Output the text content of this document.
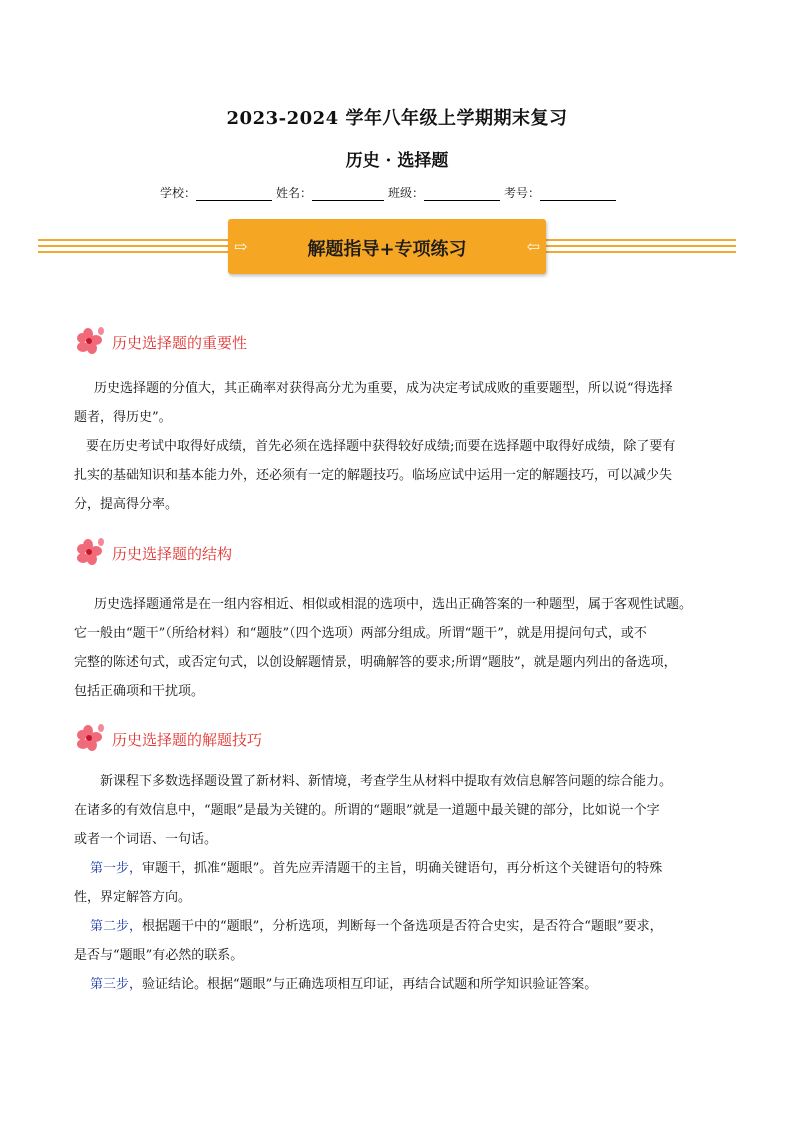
2023-2024 学年八年级上学期期末复习
历史 · 选择题
学校：	姓名：	班级：	考号：
⇨	解题指导+专项练习	⇦
历史选择题的重要性
历史选择题的分值大，其正确率对获得高分尤为重要，成为决定考试成败的重要题型，所以说“得选择
题者，得历史”。
要在历史考试中取得好成绩，首先必须在选择题中获得较好成绩;而要在选择题中取得好成绩，除了要有
扎实的基础知识和基本能力外，还必须有一定的解题技巧。临场应试中运用一定的解题技巧，可以减少失
分，提高得分率。
历史选择题的结构
历史选择题通常是在一组内容相近、相似或相混的选项中，选出正确答案的一种题型，属于客观性试题。
它一般由“题干”（所给材料）和“题肢”（四个选项）两部分组成。所谓“题干”，就是用提问句式，或不
完整的陈述句式，或否定句式，以创设解题情景，明确解答的要求;所谓“题肢”，就是题内列出的备选项，
包括正确项和干扰项。
历史选择题的解题技巧
新课程下多数选择题设置了新材料、新情境，考查学生从材料中提取有效信息解答问题的综合能力。
在诸多的有效信息中，“题眼”是最为关键的。所谓的“题眼”就是一道题中最关键的部分，比如说一个字
或者一个词语、一句话。
第一步，审题干，抓准“题眼”。首先应弄清题干的主旨，明确关键语句，再分析这个关键语句的特殊
性，界定解答方向。
第二步，根据题干中的“题眼”，分析选项，判断每一个备选项是否符合史实，是否符合“题眼”要求，
是否与“题眼”有必然的联系。
第三步，验证结论。根据“题眼”与正确选项相互印证，再结合试题和所学知识验证答案。
